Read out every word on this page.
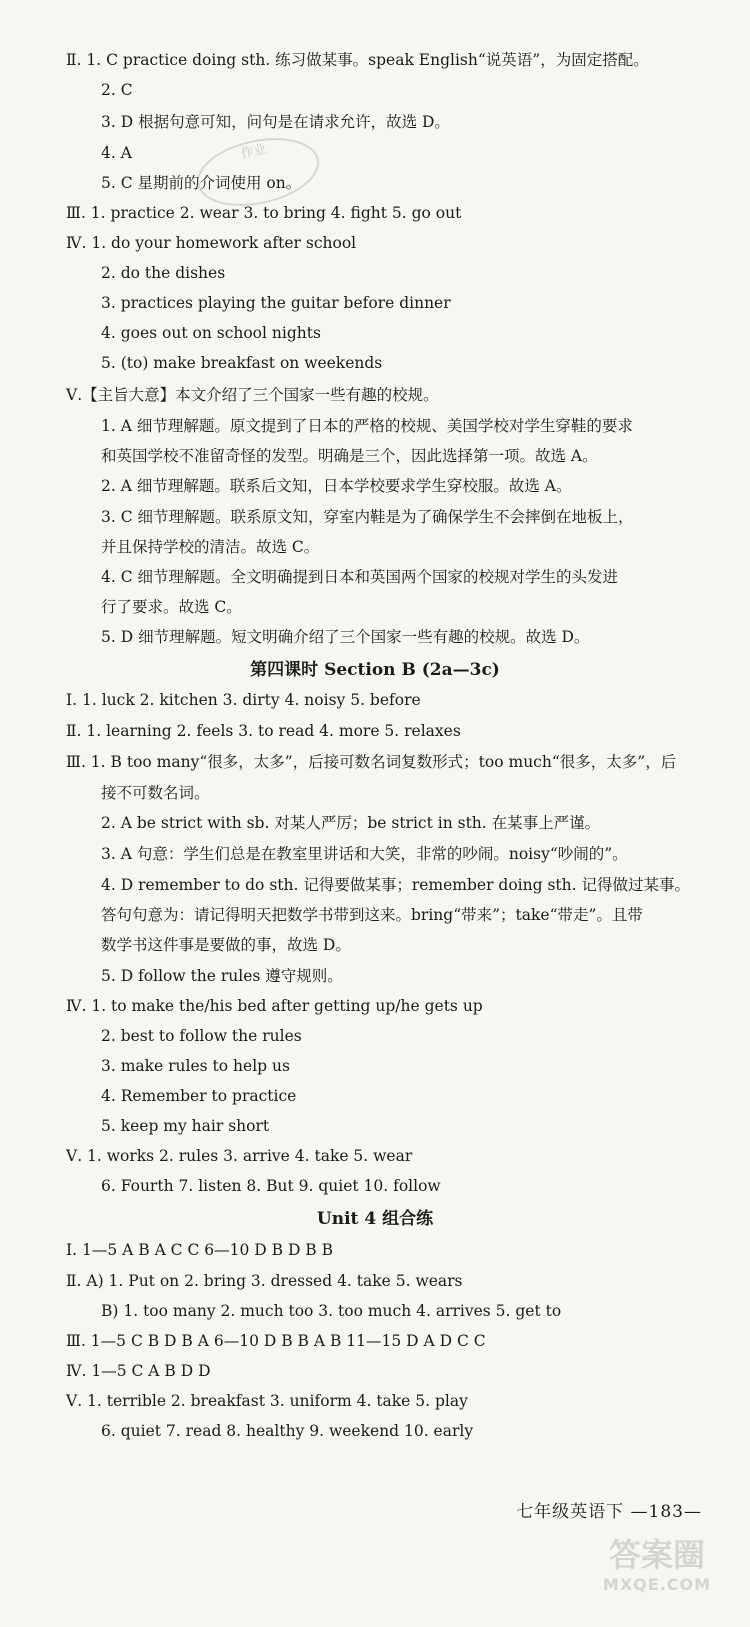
Ⅱ. 1. C practice doing sth. 练习做某事。speak English“说英语”，为固定搭配。
2. C
3. D 根据句意可知，问句是在请求允许，故选 D。
4. A
5. C 星期前的介词使用 on。
Ⅲ. 1. practice 2. wear 3. to bring 4. fight 5. go out
Ⅳ. 1. do your homework after school
2. do the dishes
3. practices playing the guitar before dinner
4. goes out on school nights
5. (to) make breakfast on weekends
Ⅴ.【主旨大意】本文介绍了三个国家一些有趣的校规。
1. A 细节理解题。原文提到了日本的严格的校规、美国学校对学生穿鞋的要求
和英国学校不准留奇怪的发型。明确是三个，因此选择第一项。故选 A。
2. A 细节理解题。联系后文知，日本学校要求学生穿校服。故选 A。
3. C 细节理解题。联系原文知，穿室内鞋是为了确保学生不会摔倒在地板上，
并且保持学校的清洁。故选 C。
4. C 细节理解题。全文明确提到日本和英国两个国家的校规对学生的头发进
行了要求。故选 C。
5. D 细节理解题。短文明确介绍了三个国家一些有趣的校规。故选 D。
第四课时 Section B (2a—3c)
Ⅰ. 1. luck 2. kitchen 3. dirty 4. noisy 5. before
Ⅱ. 1. learning 2. feels 3. to read 4. more 5. relaxes
Ⅲ. 1. B too many“很多，太多”，后接可数名词复数形式；too much“很多，太多”，后
接不可数名词。
2. A be strict with sb. 对某人严厉；be strict in sth. 在某事上严谨。
3. A 句意：学生们总是在教室里讲话和大笑，非常的吵闹。noisy“吵闹的”。
4. D remember to do sth. 记得要做某事；remember doing sth. 记得做过某事。
答句句意为：请记得明天把数学书带到这来。bring“带来”；take“带走”。且带
数学书这件事是要做的事，故选 D。
5. D follow the rules 遵守规则。
Ⅳ. 1. to make the/his bed after getting up/he gets up
2. best to follow the rules
3. make rules to help us
4. Remember to practice
5. keep my hair short
Ⅴ. 1. works 2. rules 3. arrive 4. take 5. wear
6. Fourth 7. listen 8. But 9. quiet 10. follow
Unit 4 组合练
Ⅰ. 1—5 A B A C C 6—10 D B D B B
Ⅱ. A) 1. Put on 2. bring 3. dressed 4. take 5. wears
B) 1. too many 2. much too 3. too much 4. arrives 5. get to
Ⅲ. 1—5 C B D B A 6—10 D B B A B 11—15 D A D C C
Ⅳ. 1—5 C A B D D
Ⅴ. 1. terrible 2. breakfast 3. uniform 4. take 5. play
6. quiet 7. read 8. healthy 9. weekend 10. early
七年级英语下 —183—
作业
答案圈
MXQE.COM
